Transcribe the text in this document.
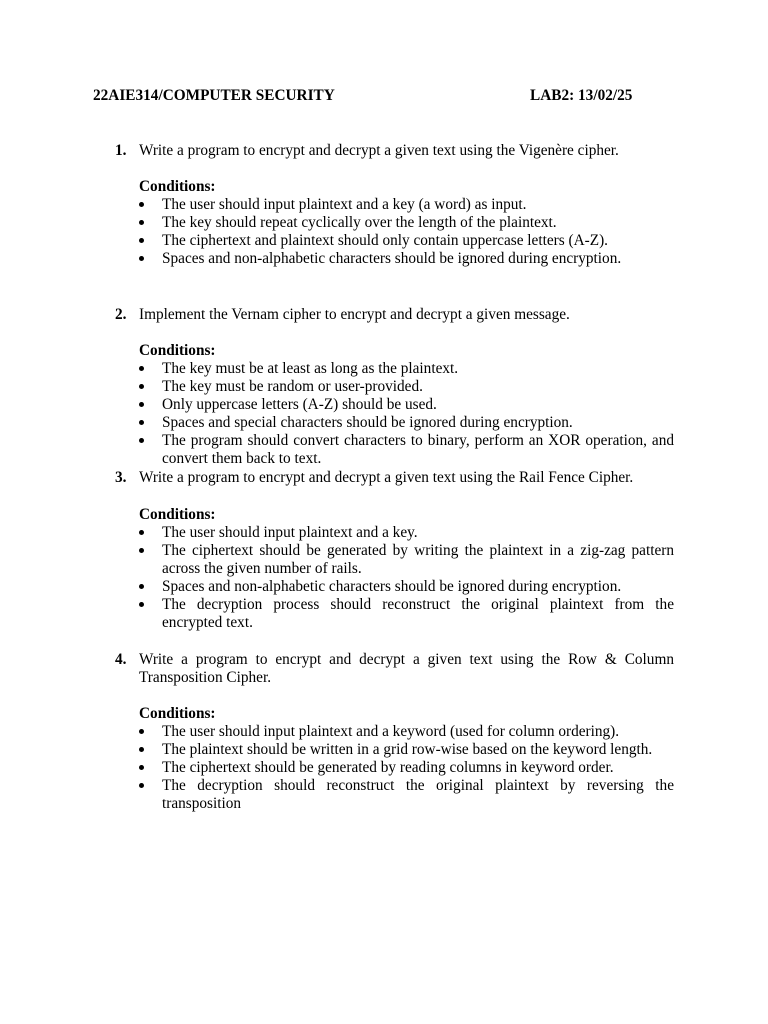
22AIE314/COMPUTER SECURITY	LAB2: 13/02/25
1. Write a program to encrypt and decrypt a given text using the Vigenère cipher.
Conditions:
The user should input plaintext and a key (a word) as input.
The key should repeat cyclically over the length of the plaintext.
The ciphertext and plaintext should only contain uppercase letters (A-Z).
Spaces and non-alphabetic characters should be ignored during encryption.
2. Implement the Vernam cipher to encrypt and decrypt a given message.
Conditions:
The key must be at least as long as the plaintext.
The key must be random or user-provided.
Only uppercase letters (A-Z) should be used.
Spaces and special characters should be ignored during encryption.
The program should convert characters to binary, perform an XOR operation, and
convert them back to text.
3. Write a program to encrypt and decrypt a given text using the Rail Fence Cipher.
Conditions:
The user should input plaintext and a key.
The ciphertext should be generated by writing the plaintext in a zig-zag pattern
across the given number of rails.
Spaces and non-alphabetic characters should be ignored during encryption.
The decryption process should reconstruct the original plaintext from the
encrypted text.
4. Write a program to encrypt and decrypt a given text using the Row & Column
Transposition Cipher.
Conditions:
The user should input plaintext and a keyword (used for column ordering).
The plaintext should be written in a grid row-wise based on the keyword length.
The ciphertext should be generated by reading columns in keyword order.
The decryption should reconstruct the original plaintext by reversing the
transposition
